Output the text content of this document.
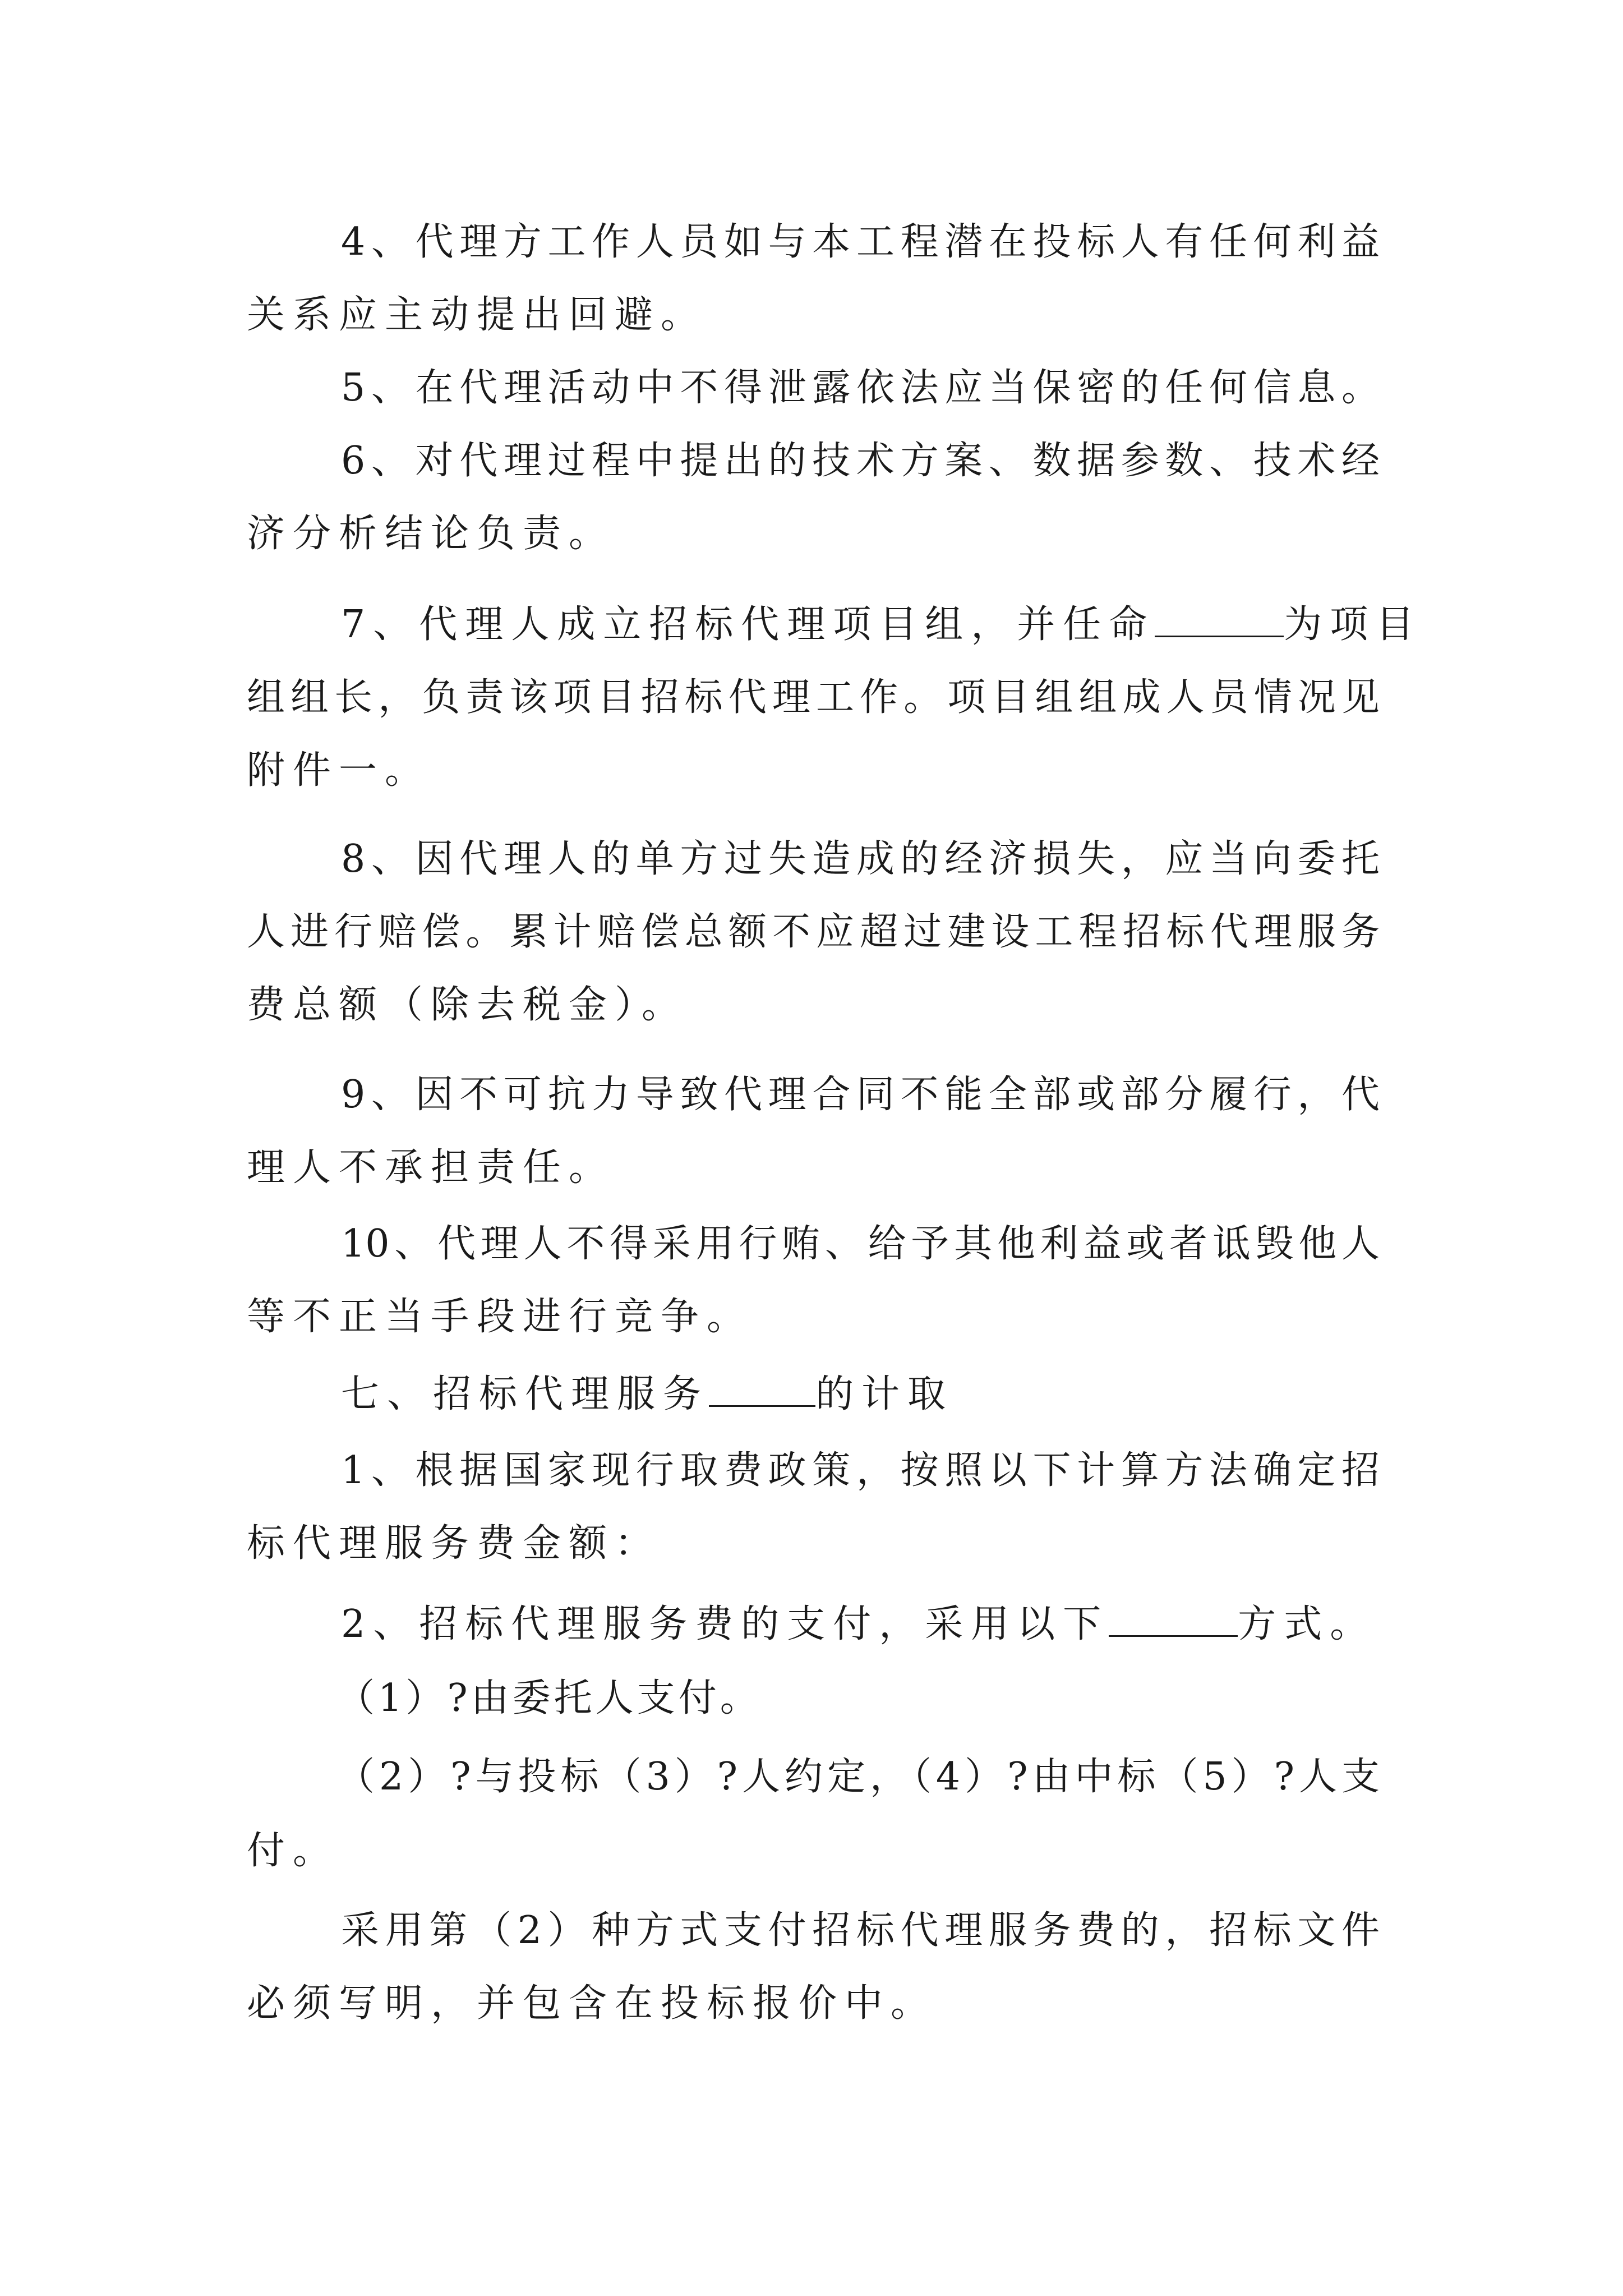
4、代理方工作人员如与本工程潜在投标人有任何利益
关系应主动提出回避。
5、在代理活动中不得泄露依法应当保密的任何信息。
6、对代理过程中提出的技术方案、数据参数、技术经
济分析结论负责。
7、代理人成立招标代理项目组，并任命	为项目
组组长，负责该项目招标代理工作。项目组组成人员情况见
附件一。
8、因代理人的单方过失造成的经济损失，应当向委托
人进行赔偿。累计赔偿总额不应超过建设工程招标代理服务
费总额（除去税金）。
9、因不可抗力导致代理合同不能全部或部分履行，代
理人不承担责任。
10、代理人不得采用行贿、给予其他利益或者诋毁他人
等不正当手段进行竞争。
七、招标代理服务	的计取
1、根据国家现行取费政策，按照以下计算方法确定招
标代理服务费金额：
2、招标代理服务费的支付，采用以下	方式。
（1）?由委托人支付。
（2）?与投标（3）?人约定，（4）?由中标（5）?人支
付。
采用第（2）种方式支付招标代理服务费的，招标文件
必须写明，并包含在投标报价中。
